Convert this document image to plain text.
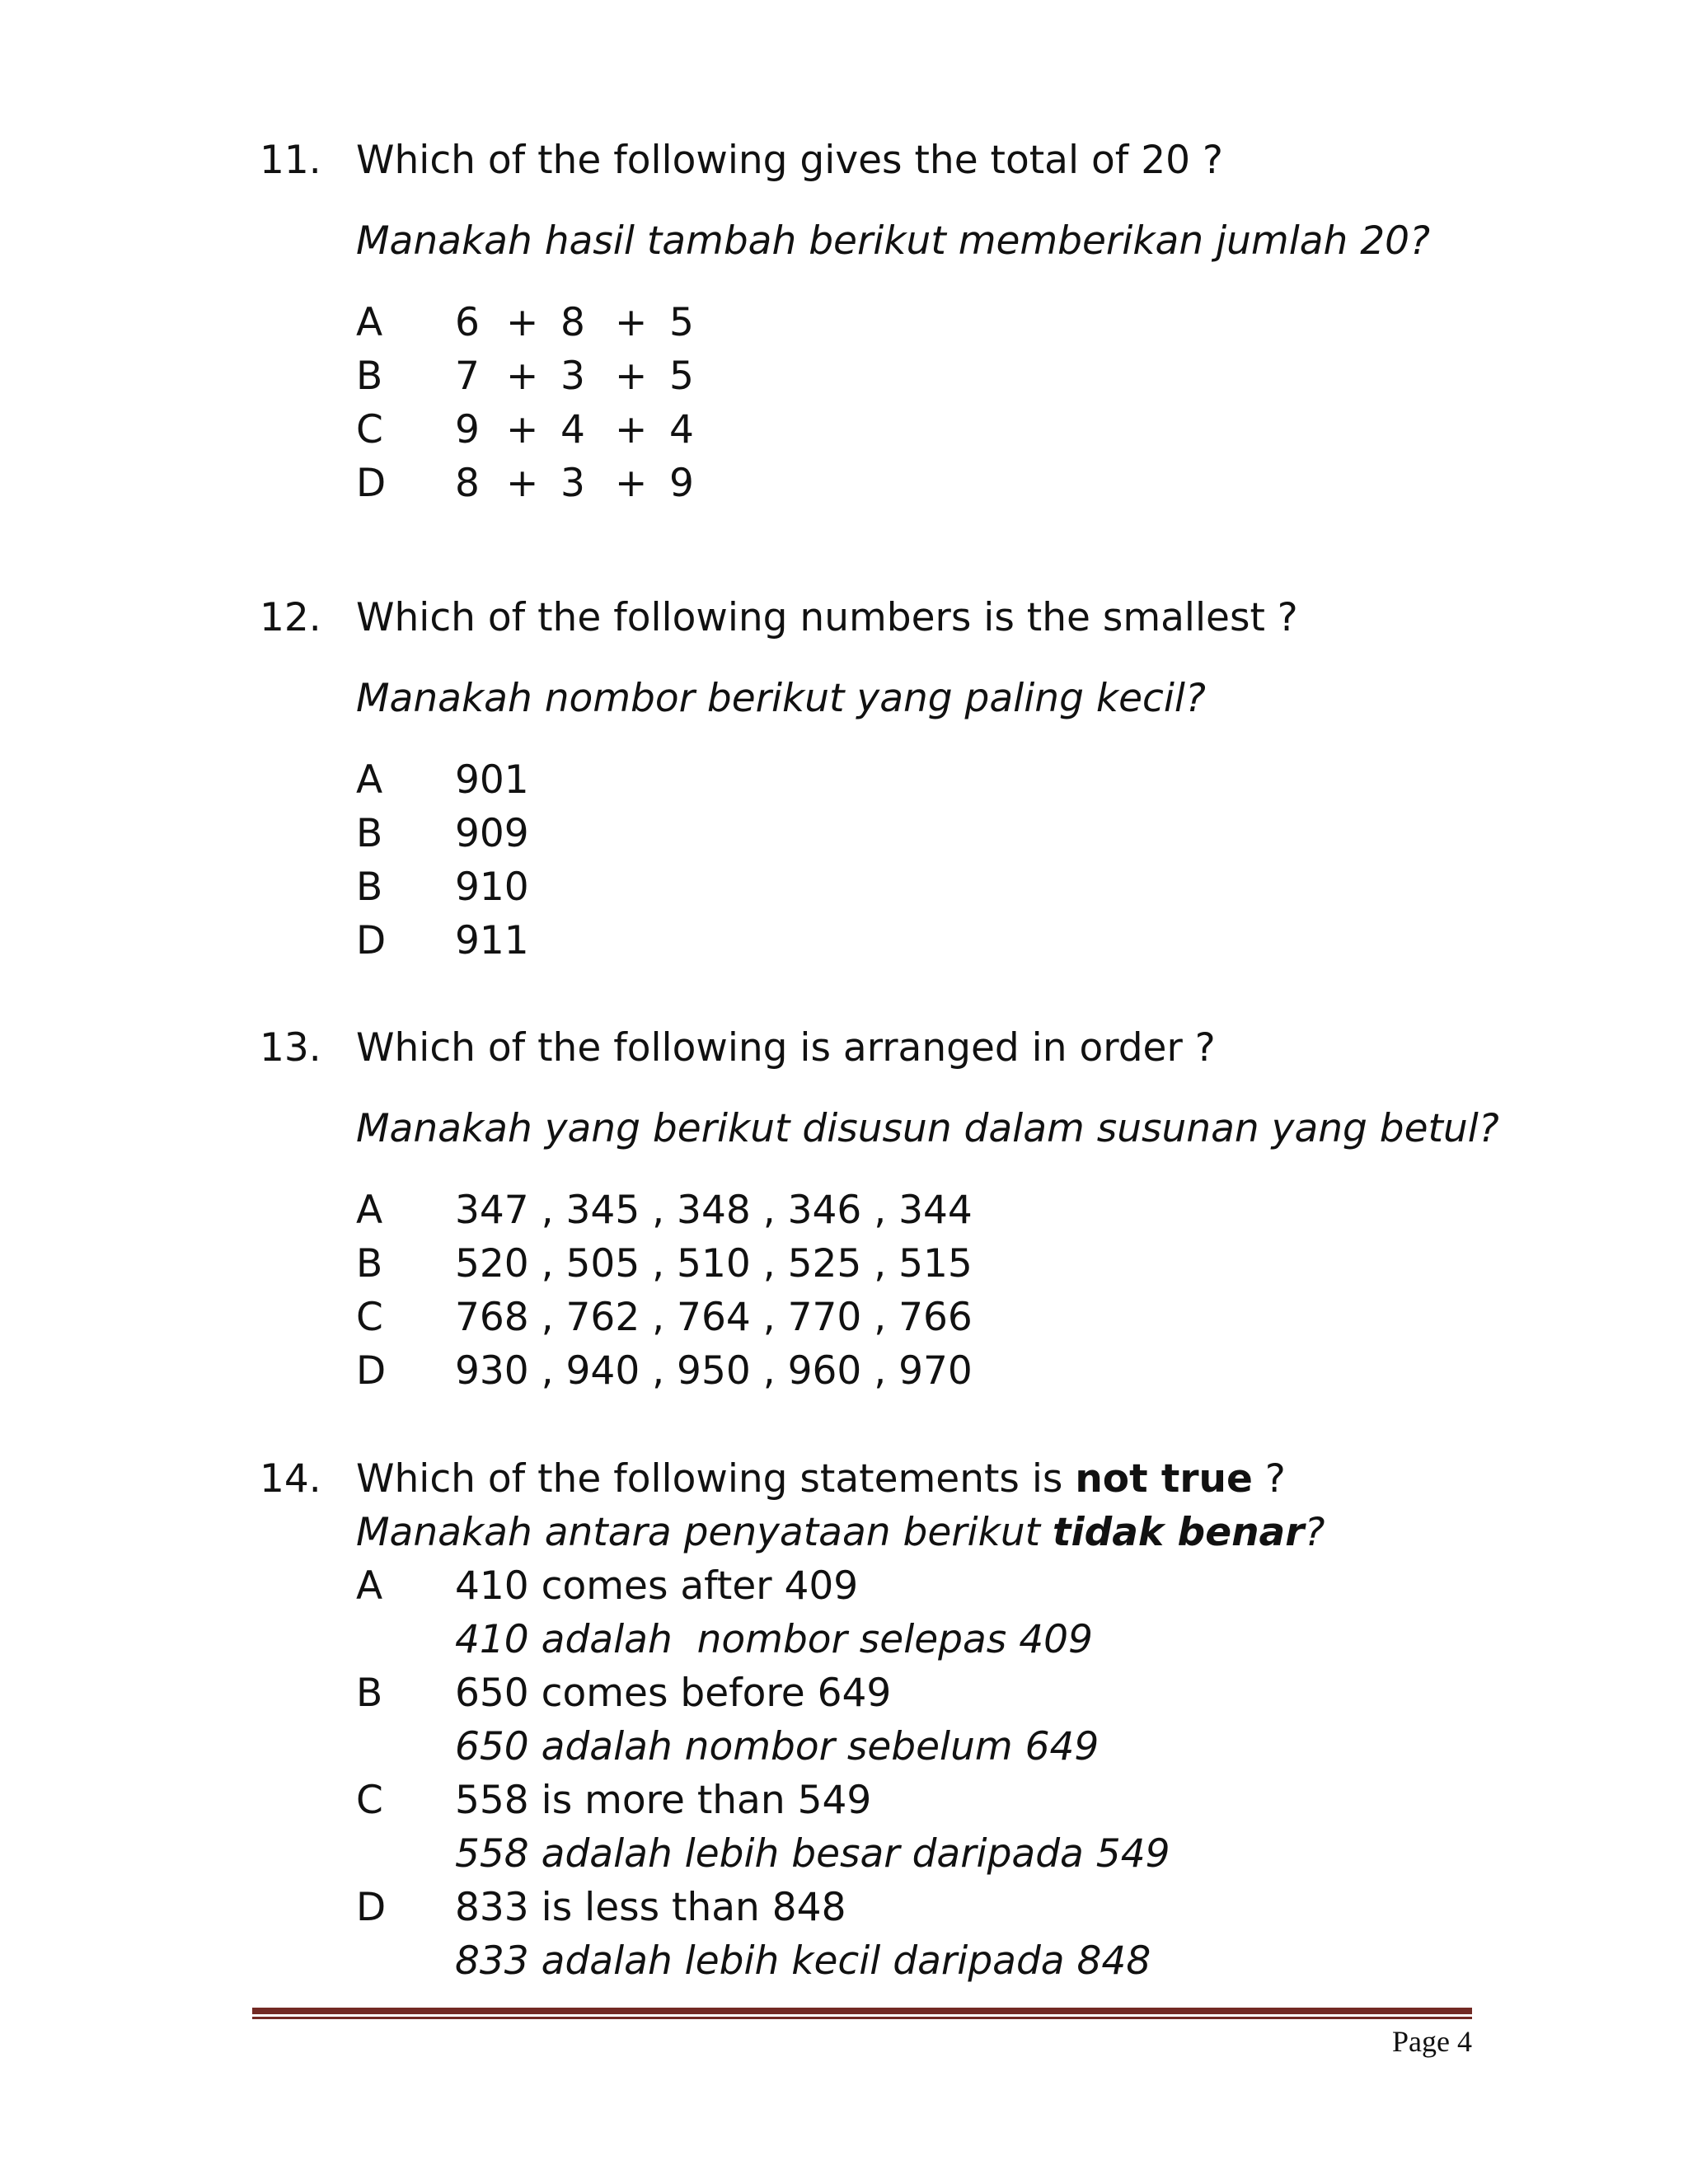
11. Which of the following gives the total of 20 ?
Manakah hasil tambah berikut memberikan jumlah 20?
A 6 + 8 + 5
B 7 + 3 + 5
C 9 + 4 + 4
D 8 + 3 + 9
12. Which of the following numbers is the smallest ?
Manakah nombor berikut yang paling kecil?
A 901
B 909
B 910
D 911
13. Which of the following is arranged in order ?
Manakah yang berikut disusun dalam susunan yang betul?
A 347 , 345 , 348 , 346 , 344
B 520 , 505 , 510 , 525 , 515
C 768 , 762 , 764 , 770 , 766
D 930 , 940 , 950 , 960 , 970
14. Which of the following statements is not true ?
Manakah antara penyataan berikut tidak benar?
A 410 comes after 409
410 adalah  nombor selepas 409
B 650 comes before 649
650 adalah nombor sebelum 649
C 558 is more than 549
558 adalah lebih besar daripada 549
D 833 is less than 848
833 adalah lebih kecil daripada 848
Page 4
